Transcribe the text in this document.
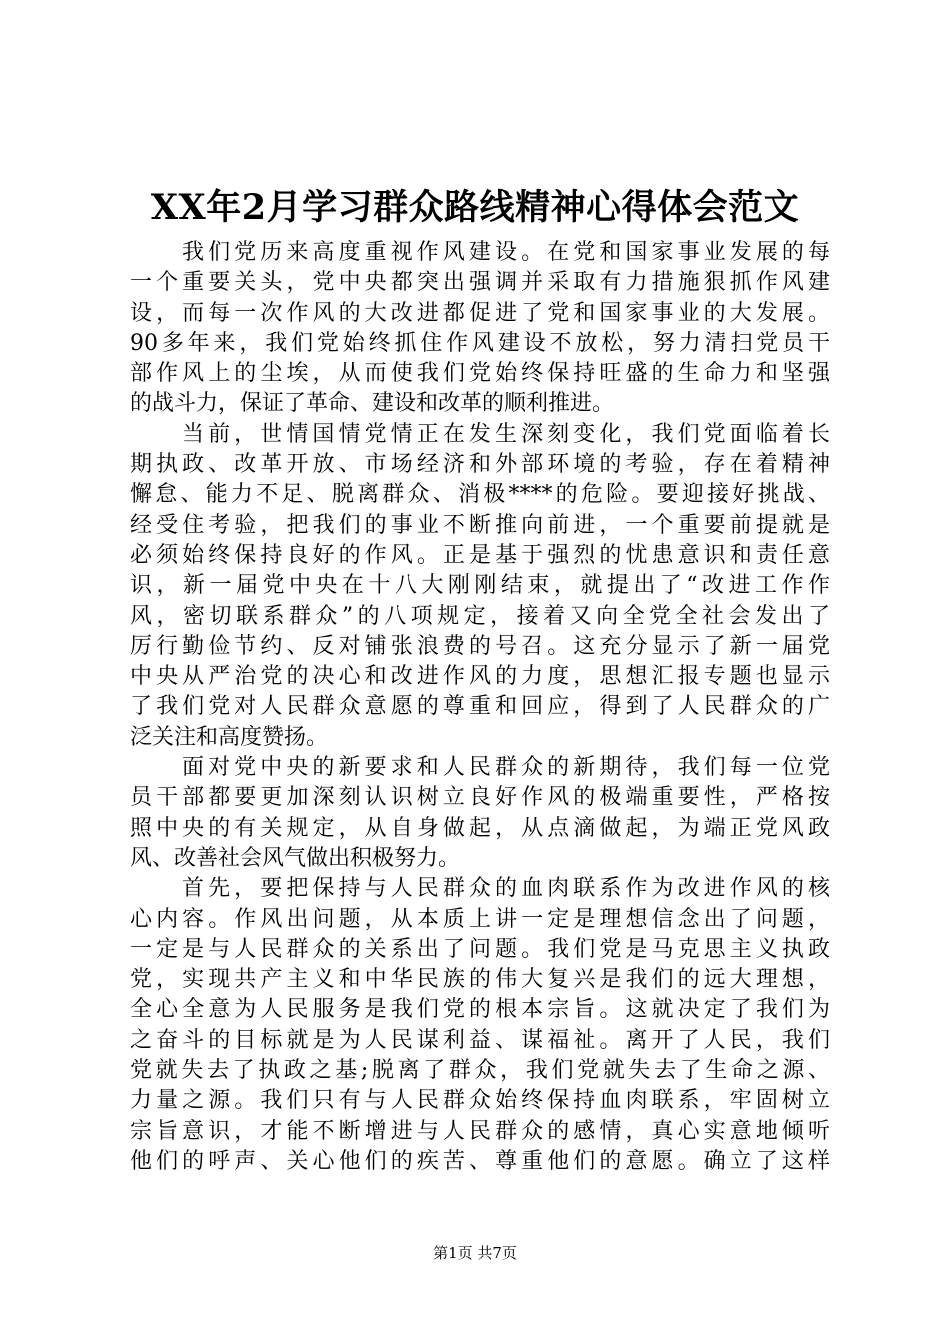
XX年2月学习群众路线精神心得体会范文
我们党历来高度重视作风建设。在党和国家事业发展的每
一个重要关头，党中央都突出强调并采取有力措施狠抓作风建
设，而每一次作风的大改进都促进了党和国家事业的大发展。
90多年来，我们党始终抓住作风建设不放松，努力清扫党员干
部作风上的尘埃，从而使我们党始终保持旺盛的生命力和坚强
的战斗力，保证了革命、建设和改革的顺利推进。
当前，世情国情党情正在发生深刻变化，我们党面临着长
期执政、改革开放、市场经济和外部环境的考验，存在着精神
懈怠、能力不足、脱离群众、消极****的危险。要迎接好挑战、
经受住考验，把我们的事业不断推向前进，一个重要前提就是
必须始终保持良好的作风。正是基于强烈的忧患意识和责任意
识，新一届党中央在十八大刚刚结束，就提出了“改进工作作
风，密切联系群众”的八项规定，接着又向全党全社会发出了
厉行勤俭节约、反对铺张浪费的号召。这充分显示了新一届党
中央从严治党的决心和改进作风的力度，思想汇报专题也显示
了我们党对人民群众意愿的尊重和回应，得到了人民群众的广
泛关注和高度赞扬。
面对党中央的新要求和人民群众的新期待，我们每一位党
员干部都要更加深刻认识树立良好作风的极端重要性，严格按
照中央的有关规定，从自身做起，从点滴做起，为端正党风政
风、改善社会风气做出积极努力。
首先，要把保持与人民群众的血肉联系作为改进作风的核
心内容。作风出问题，从本质上讲一定是理想信念出了问题，
一定是与人民群众的关系出了问题。我们党是马克思主义执政
党，实现共产主义和中华民族的伟大复兴是我们的远大理想，
全心全意为人民服务是我们党的根本宗旨。这就决定了我们为
之奋斗的目标就是为人民谋利益、谋福祉。离开了人民，我们
党就失去了执政之基;脱离了群众，我们党就失去了生命之源、
力量之源。我们只有与人民群众始终保持血肉联系，牢固树立
宗旨意识，才能不断增进与人民群众的感情，真心实意地倾听
他们的呼声、关心他们的疾苦、尊重他们的意愿。确立了这样
第1页 共7页
